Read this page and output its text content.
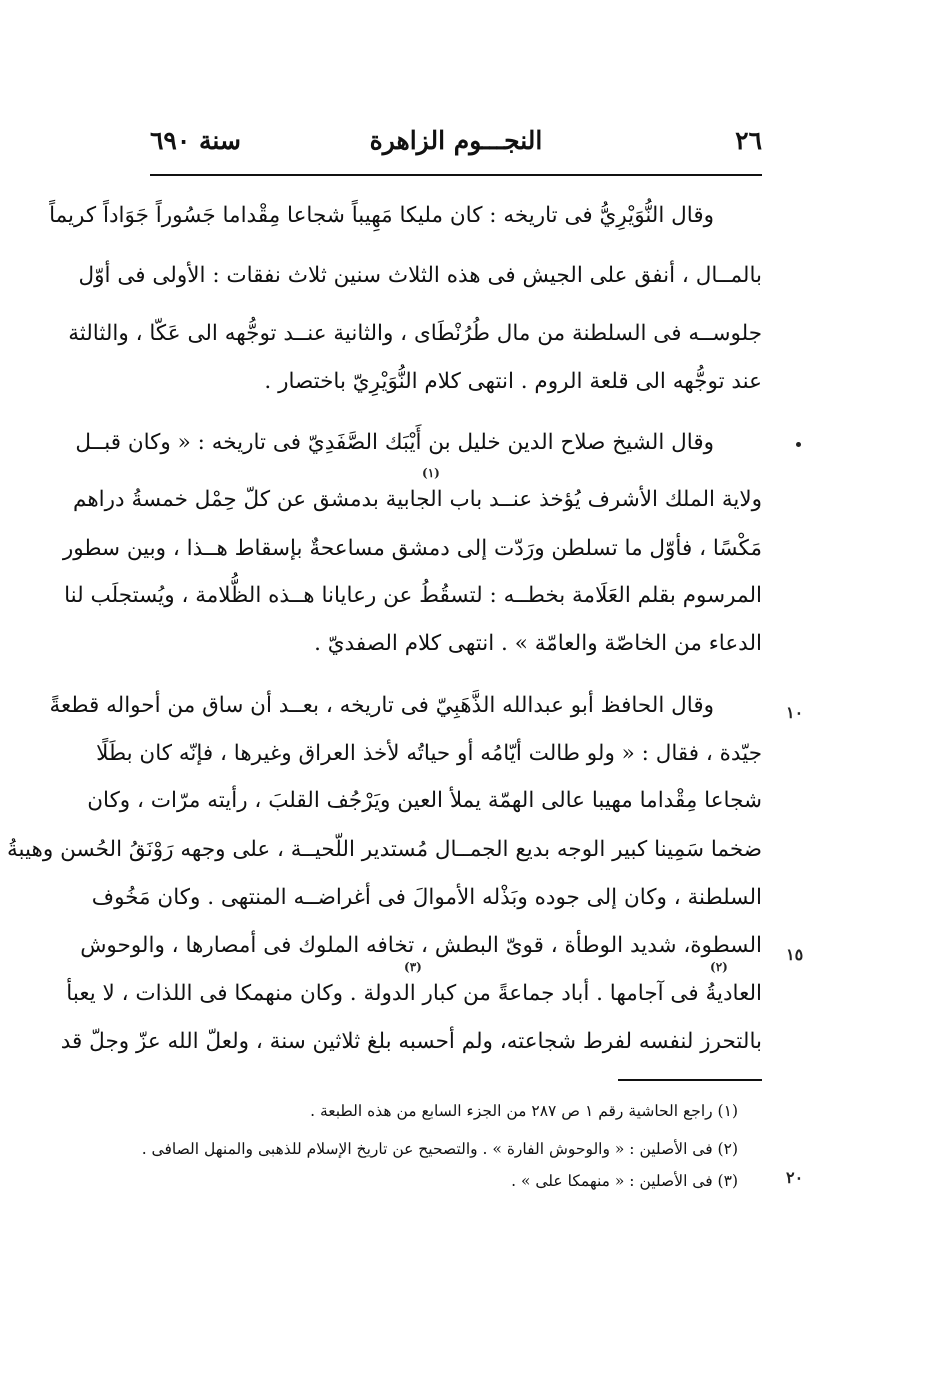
٢٦
النجـــوم الزاهرة
سنة ٦٩٠
وقال النُّوَيْرِيُّ فى تاريخه : كان مليكا مَهِيباً شجاعا مِقْداما جَسُوراً جَوَاداً كريماً
بالمــال ، أنفق على الجيش فى هذه الثلاث سنين ثلاث نفقات : الأولى فى أوّل
جلوســه فى السلطنة من مال طُرُنْطَاى ، والثانية عنــد توجُّهه الى عَكّا ، والثالثة
عند توجُّهه الى قلعة الروم . انتهى كلام النُّوَيْرِيّ باختصار .
وقال الشيخ صلاح الدين خليل بن أَيْبَك الصَّفَدِيّ فى تاريخه : « وكان قبــل
ولاية الملك الأشرف يُؤخذ عنــد باب الجابية بدمشق عن كلّ حِمْل خمسةُ دراهم
مَكْسًا ، فأوّل ما تسلطن ورَدّت إلى دمشق مساعحةٌ بإسقاط هــذا ، وبين سطور
المرسوم بقلم العَلَامة بخطــه : لتسقُطُ عن رعايانا هــذه الظُّلامة ، ويُستجلَب لنا
الدعاء من الخاصّة والعامّة » . انتهى كلام الصفديّ .
وقال الحافظ أبو عبدالله الذَّهَبِيّ فى تاريخه ، بعــد أن ساق من أحواله قطعةً
جيّدة ، فقال : « ولو طالت أيّامُه أو حياتُه لأخذ العراق وغيرها ، فإنّه كان بطَلًا
شجاعا مِقْداما مهيبا عالى الهمّة يملأ العين ويَرْجُف القلبَ ، رأيته مرّات ، وكان
ضخما سَمِينا كبير الوجه بديع الجمــال مُستدير اللّحيــة ، على وجهه رَوْنَقُ الحُسن وهيبةُ
السلطنة ، وكان إلى جوده وبَذْله الأموالَ فى أغراضــه المنتهى . وكان مَخُوف
السطوة، شديد الوطأة ، قوىّ البطش ، تخافه الملوك فى أمصارها ، والوحوش
العاديةُ فى آجامها . أباد جماعةً من كبار الدولة . وكان منهمكا فى اللذات ، لا يعبأ
بالتحرز لنفسه لفرط شجاعته، ولم أحسبه بلغ ثلاثين سنة ، ولعلّ الله عزّ وجلّ قد
(١)
(٢)
(٣)
١٠
١٥
٢٠
(١) راجع الحاشية رقم ١ ص ٢٨٧ من الجزء السابع من هذه الطبعة .
(٢) فى الأصلين : « والوحوش الفارة » . والتصحيح عن تاريخ الإسلام للذهبى والمنهل الصافى .
(٣) فى الأصلين : « منهمكا على » .
